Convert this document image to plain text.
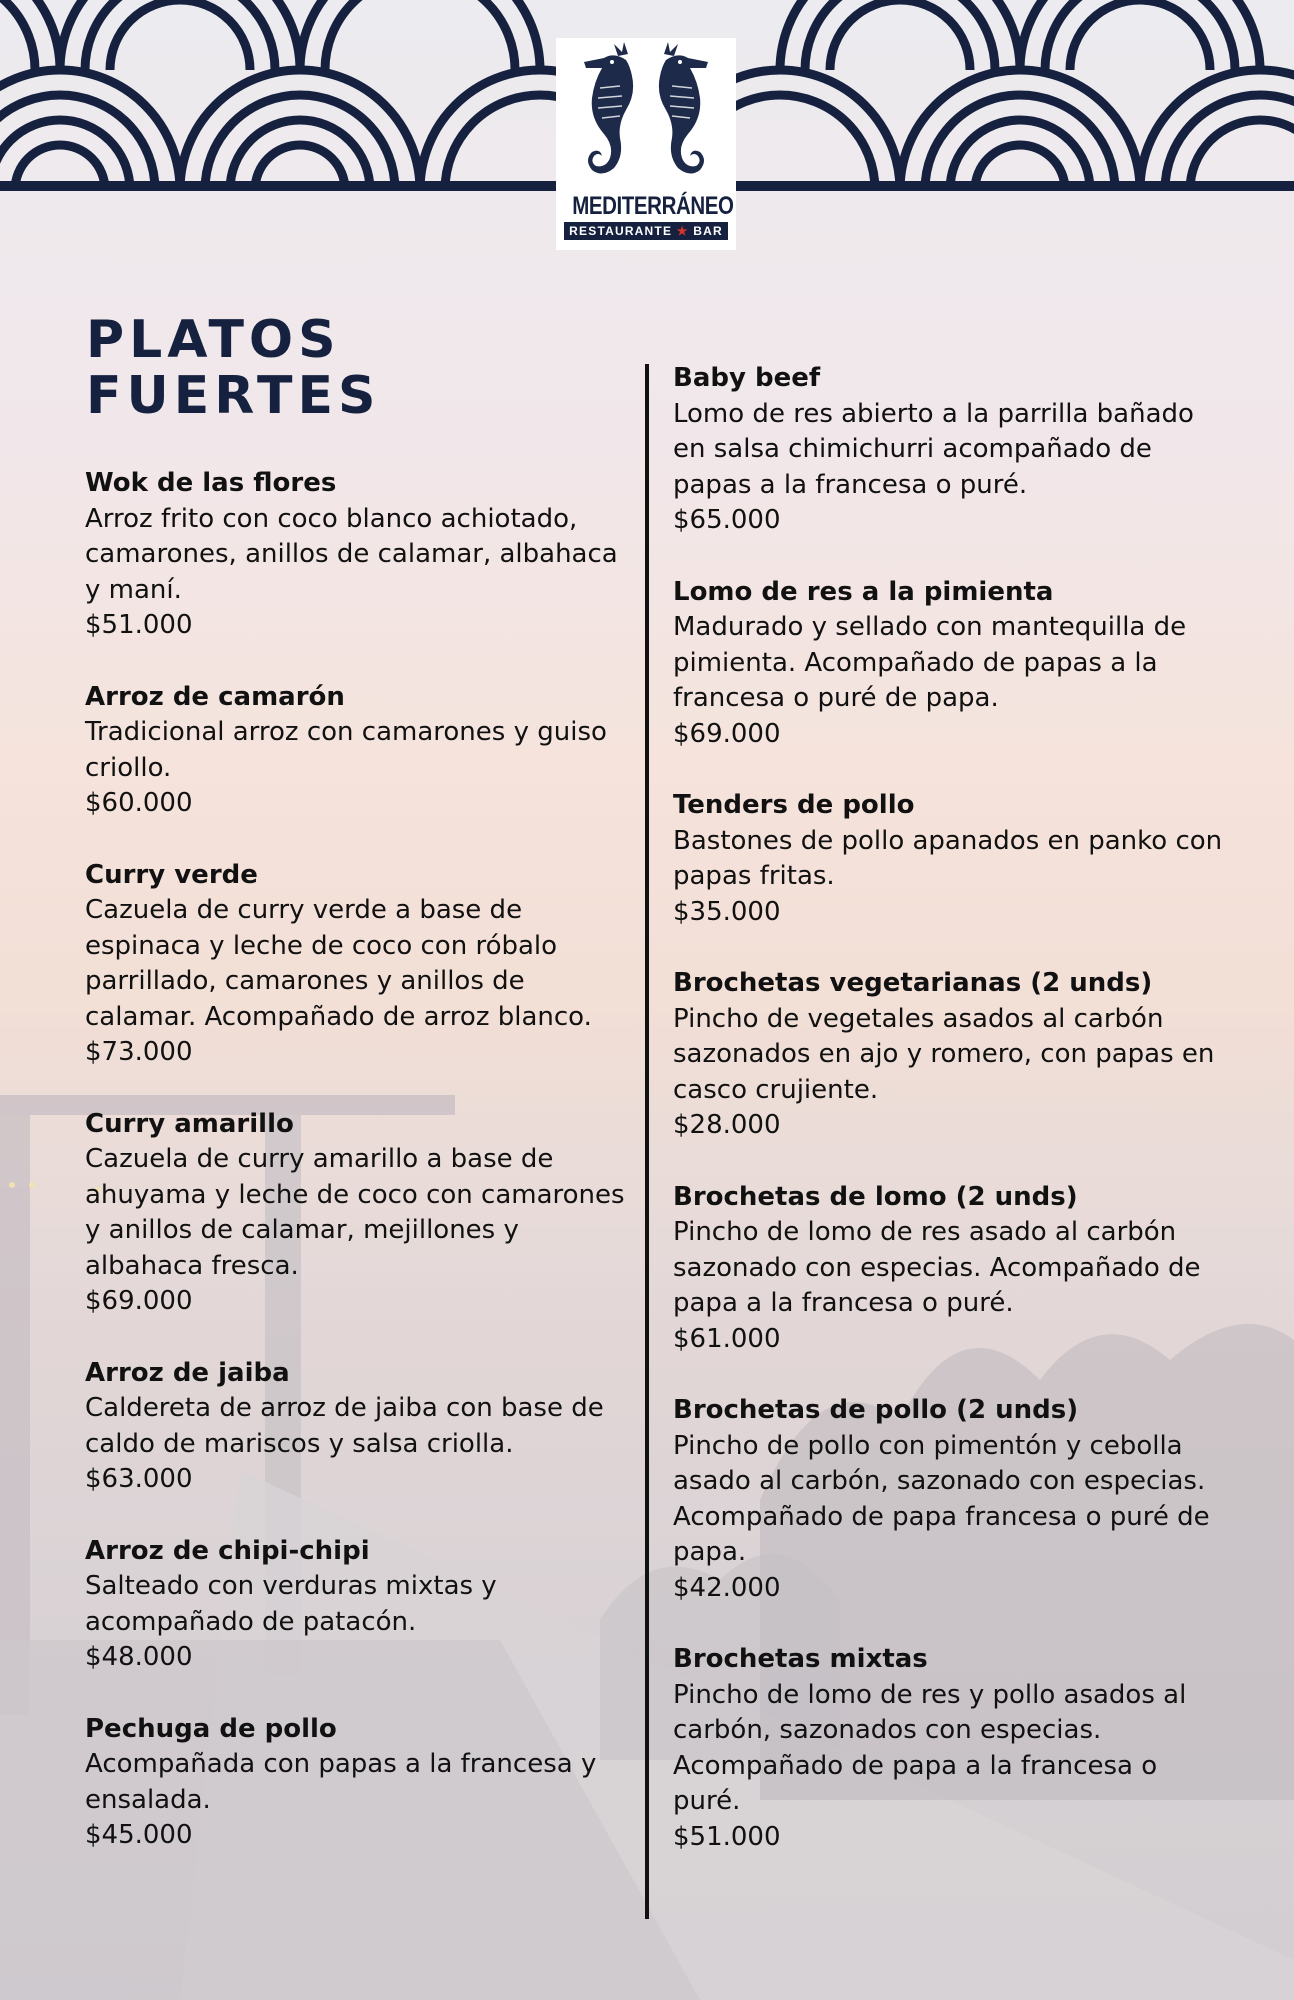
MEDITERRÁNEO
RESTAURANTE ★ BAR
PLATOS
FUERTES
Wok de las flores
Arroz frito con coco blanco achiotado, camarones, anillos de calamar, albahaca y maní.
$51.000
Arroz de camarón
Tradicional arroz con camarones y guiso criollo.
$60.000
Curry verde
Cazuela de curry verde a base de espinaca y leche de coco con róbalo parrillado, camarones y anillos de calamar. Acompañado de arroz blanco.
$73.000
Curry amarillo
Cazuela de curry amarillo a base de ahuyama y leche de coco con camarones y anillos de calamar, mejillones y albahaca fresca.
$69.000
Arroz de jaiba
Caldereta de arroz de jaiba con base de caldo de mariscos y salsa criolla.
$63.000
Arroz de chipi-chipi
Salteado con verduras mixtas y acompañado de patacón.
$48.000
Pechuga de pollo
Acompañada con papas a la francesa y ensalada.
$45.000
Baby beef
Lomo de res abierto a la parrilla bañado en salsa chimichurri acompañado de papas a la francesa o puré.
$65.000
Lomo de res a la pimienta
Madurado y sellado con mantequilla de pimienta. Acompañado de papas a la francesa o puré de papa.
$69.000
Tenders de pollo
Bastones de pollo apanados en panko con papas fritas.
$35.000
Brochetas vegetarianas (2 unds)
Pincho de vegetales asados al carbón sazonados en ajo y romero, con papas en casco crujiente.
$28.000
Brochetas de lomo (2 unds)
Pincho de lomo de res asado al carbón sazonado con especias. Acompañado de papa a la francesa o puré.
$61.000
Brochetas de pollo (2 unds)
Pincho de pollo con pimentón y cebolla asado al carbón, sazonado con especias. Acompañado de papa francesa o puré de papa.
$42.000
Brochetas mixtas
Pincho de lomo de res y pollo asados al carbón, sazonados con especias. Acompañado de papa a la francesa o puré.
$51.000
